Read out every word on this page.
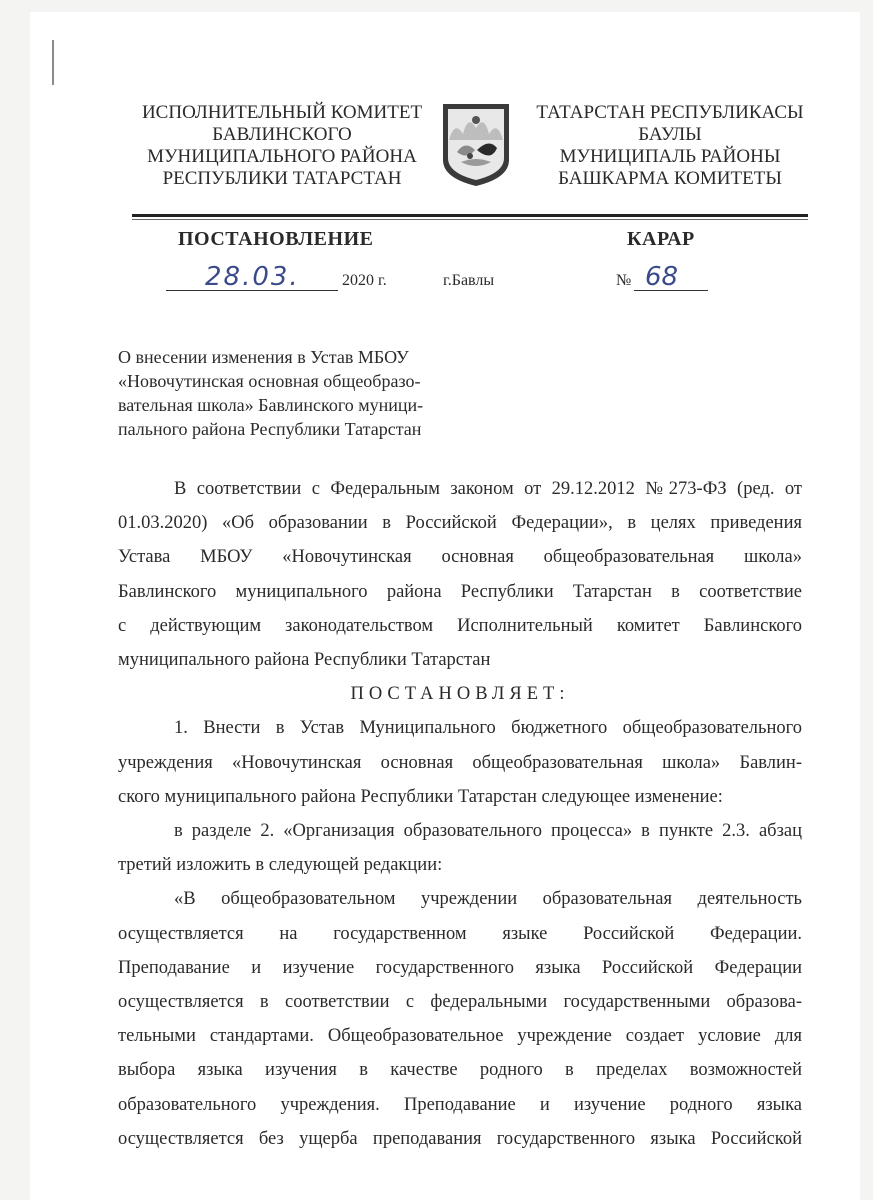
ИСПОЛНИТЕЛЬНЫЙ КОМИТЕТ
БАВЛИНСКОГО
МУНИЦИПАЛЬНОГО РАЙОНА
РЕСПУБЛИКИ ТАТАРСТАН
ТАТАРСТАН РЕСПУБЛИКАСЫ
БАУЛЫ
МУНИЦИПАЛЬ РАЙОНЫ
БАШКАРМА КОМИТЕТЫ
ПОСТАНОВЛЕНИЕ	КАРАР
28.03.	2020 г.	г.Бавлы	№ 68
О внесении изменения в Устав МБОУ
«Новочутинская основная общеобразо-
вательная школа» Бавлинского муници-
пального района Республики Татарстан

В соответствии с Федеральным законом от 29.12.2012 №273-ФЗ (ред. от

01.03.2020) «Об образовании в Российской Федерации», в целях приведения

Устава МБОУ «Новочутинская основная общеобразовательная школа»

Бавлинского муниципального района Республики Татарстан в соответствие

с действующим законодательством Исполнительный комитет Бавлинского

муниципального района Республики Татарстан

ПОСТАНОВЛЯЕТ:

1. Внести в Устав Муниципального бюджетного общеобразовательного

учреждения «Новочутинская основная общеобразовательная школа» Бавлин-

ского муниципального района Республики Татарстан следующее изменение:

в разделе 2. «Организация образовательного процесса» в пункте 2.3. абзац

третий изложить в следующей редакции:

«В общеобразовательном учреждении образовательная деятельность

осуществляется на государственном языке Российской Федерации.

Преподавание и изучение государственного языка Российской Федерации

осуществляется в соответствии с федеральными государственными образова-

тельными стандартами. Общеобразовательное учреждение создает условие для

выбора языка изучения в качестве родного в пределах возможностей

образовательного учреждения. Преподавание и изучение родного языка

осуществляется без ущерба преподавания государственного языка Российской
